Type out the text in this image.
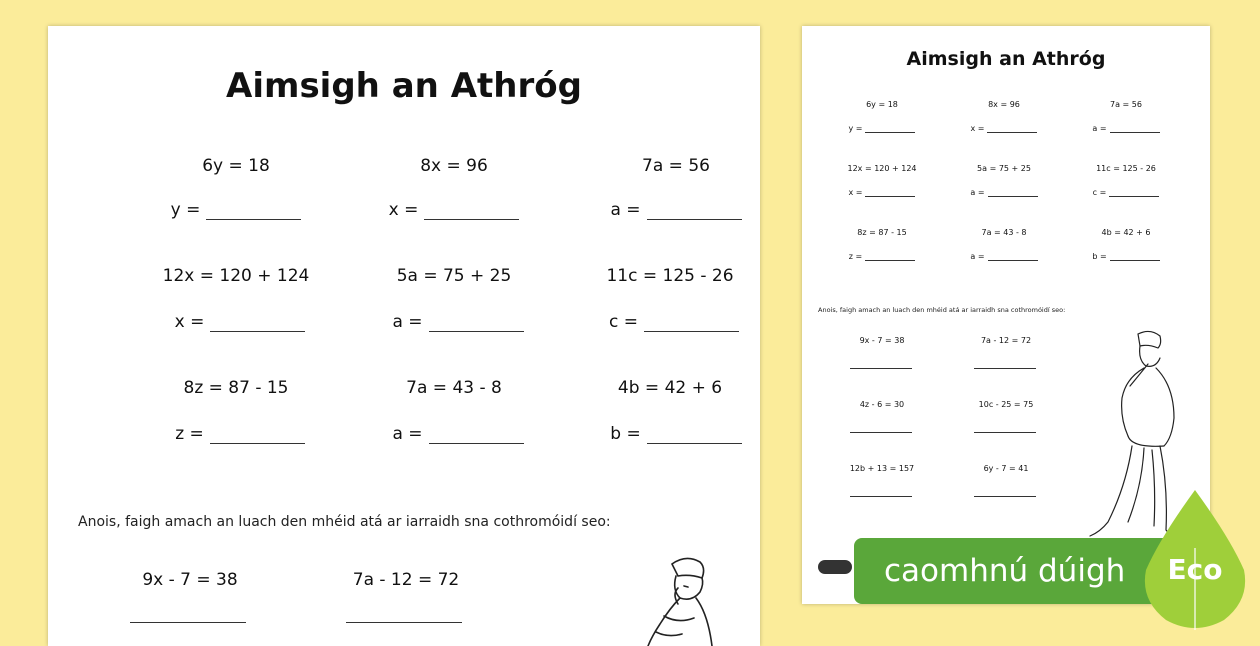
Aimsigh an Athróg
6y = 18
y =
8x = 96
x =
7a = 56
a =
12x = 120 + 124
x =
5a = 75 + 25
a =
11c = 125 - 26
c =
8z = 87 - 15
z =
7a = 43 - 8
a =
4b = 42 + 6
b =
Anois, faigh amach an luach den mhéid atá ar iarraidh sna cothromóidí seo:
9x - 7 = 38	7a - 12 = 72
Aimsigh an Athróg
6y = 18
y =
8x = 96
x =
7a = 56
a =
12x = 120 + 124
x =
5a = 75 + 25
a =
11c = 125 - 26
c =
8z = 87 - 15
z =
7a = 43 - 8
a =
4b = 42 + 6
b =
Anois, faigh amach an luach den mhéid atá ar iarraidh sna cothromóidí seo:
9x - 7 = 38	7a - 12 = 72
4z - 6 = 30	10c - 25 = 75
12b + 13 = 157	6y - 7 = 41
caomhnú dúigh	Eco
